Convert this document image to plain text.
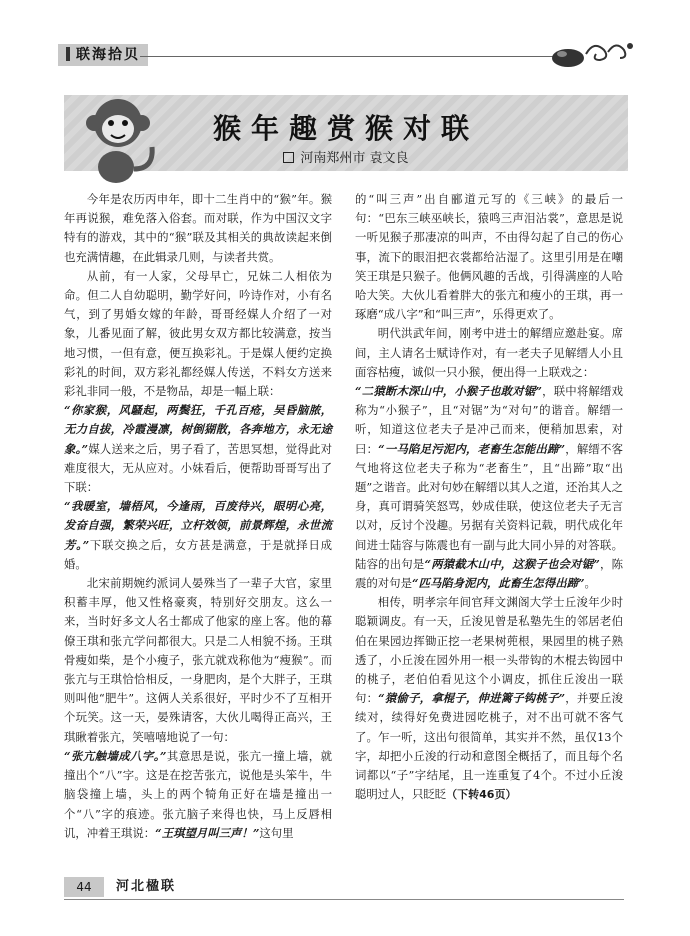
联海拾贝
猴年趣赏猴对联
河南郑州市 袁文良

今年是农历丙申年，即十二生肖中的“猴”年。猴年再说猴，难免落入俗套。而对联，作为中国汉文字特有的游戏，其中的“猴”联及其相关的典故读起来倒也充满情趣，在此辑录几则，与读者共赏。

从前，有一人家，父母早亡，兄妹二人相依为命。但二人自幼聪明，勤学好问，吟诗作对，小有名气，到了男婚女嫁的年龄，哥哥经媒人介绍了一对象，儿番见面了解，彼此男女双方都比较满意，按当地习惯，一但有意，便互换彩礼。于是媒人便约定换彩礼的时间，双方彩礼都经媒人传送，不料女方送来彩礼非同一般，不是物品，却是一幅上联：

“你家猴，风騷起，两鬓狂，千孔百疮，吴昏脑脓，无力自拔，冷霞漫凛，树倒猢散，各奔地方，永无途象。”媒人送来之后，男子看了，苦思冥想，觉得此对难度很大，无从应对。小妹看后，便帮助哥哥写出了下联：

“我暖室，墙梧风，今逢雨，百废待兴，眼明心亮，发奋自强，繁荣兴旺，立杆效领，前景辉煌，永世流芳。”下联交换之后，女方甚是满意，于是就择日成婚。

北宋前期婉约派词人晏殊当了一辈子大官，家里积蓄丰厚，他又性格豪爽，特别好交朋友。这么一来，当时好多文人名士都成了他家的座上客。他的幕僚王琪和张亢学问都很大。只是二人相貌不扬。王琪骨瘦如柴，是个小瘦子，张亢就戏称他为“瘦猴”。而张亢与王琪恰恰相反，一身肥肉，是个大胖子，王琪则叫他“肥牛”。这俩人关系很好，平时少不了互相开个玩笑。这一天，晏殊请客，大伙儿喝得正高兴，王琪瞅着张亢，笑嘻嘻地说了一句：

“张亢触墙成八字。”其意思是说，张亢一撞上墙，就撞出个“八”字。这是在挖苦张亢，说他是头笨牛，牛脑袋撞上墙，头上的两个犄角正好在墙是撞出一个“八”字的痕迹。张亢脑子来得也快，马上反唇相讥，冲着王琪说：“王琪望月叫三声！”这句里

的“叫三声”出自郦道元写的《三峡》的最后一句：“巴东三峡巫峡长，猿鸣三声泪沾裳”，意思是说一听见猴子那凄凉的叫声，不由得勾起了自己的伤心事，流下的眼泪把衣裳都给沾湿了。这里引用是在嘲笑王琪是只猴子。他俩风趣的舌战，引得满座的人哈哈大笑。大伙儿看着胖大的张亢和瘦小的王琪，再一琢磨“成八字”和“叫三声”，乐得更欢了。

明代洪武年间，刚考中进士的解缙应邀赴宴。席间，主人请名士赋诗作对，有一老夫子见解缙人小且面容枯瘦，诚似一只小猴，便出得一上联戏之：

“二猿断木深山中，小猴子也敢对锯”，联中将解缙戏称为“小猴子”，且“对锯”为“对句”的谐音。解缙一听，知道这位老夫子是冲己而来，便稍加思索，对曰：“一马陷足污泥内，老畜生怎能出蹄”，解缙不客气地将这位老夫子称为“老畜生”，且“出蹄”取“出题”之谐音。此对句妙在解缙以其人之道，还治其人之身，真可谓骑笑怒骂，妙成佳联，使这位老夫子无言以对，反讨个没趣。另据有关资料记载，明代成化年间进士陆容与陈震也有一副与此大同小异的对答联。陆容的出句是“两猿截木山中，这猴子也会对锯”，陈震的对句是“匹马陷身泥内，此畜生怎得出蹄”。

相传，明孝宗年间官拜文渊阁大学士丘浚年少时聪颖调皮。有一天，丘浚见曾是私塾先生的邻居老伯伯在果园边挥锄正挖一老果树蔸根，果园里的桃子熟透了，小丘浚在园外用一根一头带钩的木棍去钩园中的桃子，老伯伯看见这个小调皮，抓住丘浚出一联句：“猿偷子，拿棍子，伸进篱子钩桃子”，并要丘浚续对，续得好免费进园吃桃子，对不出可就不客气了。乍一听，这出句很简单，其实并不然，虽仅13个字，却把小丘浚的行动和意图全概括了，而且每个名词都以“子”字结尾，且一连重复了4个。不过小丘浚聪明过人，只眨眨（下转46页）

44	河北楹联
